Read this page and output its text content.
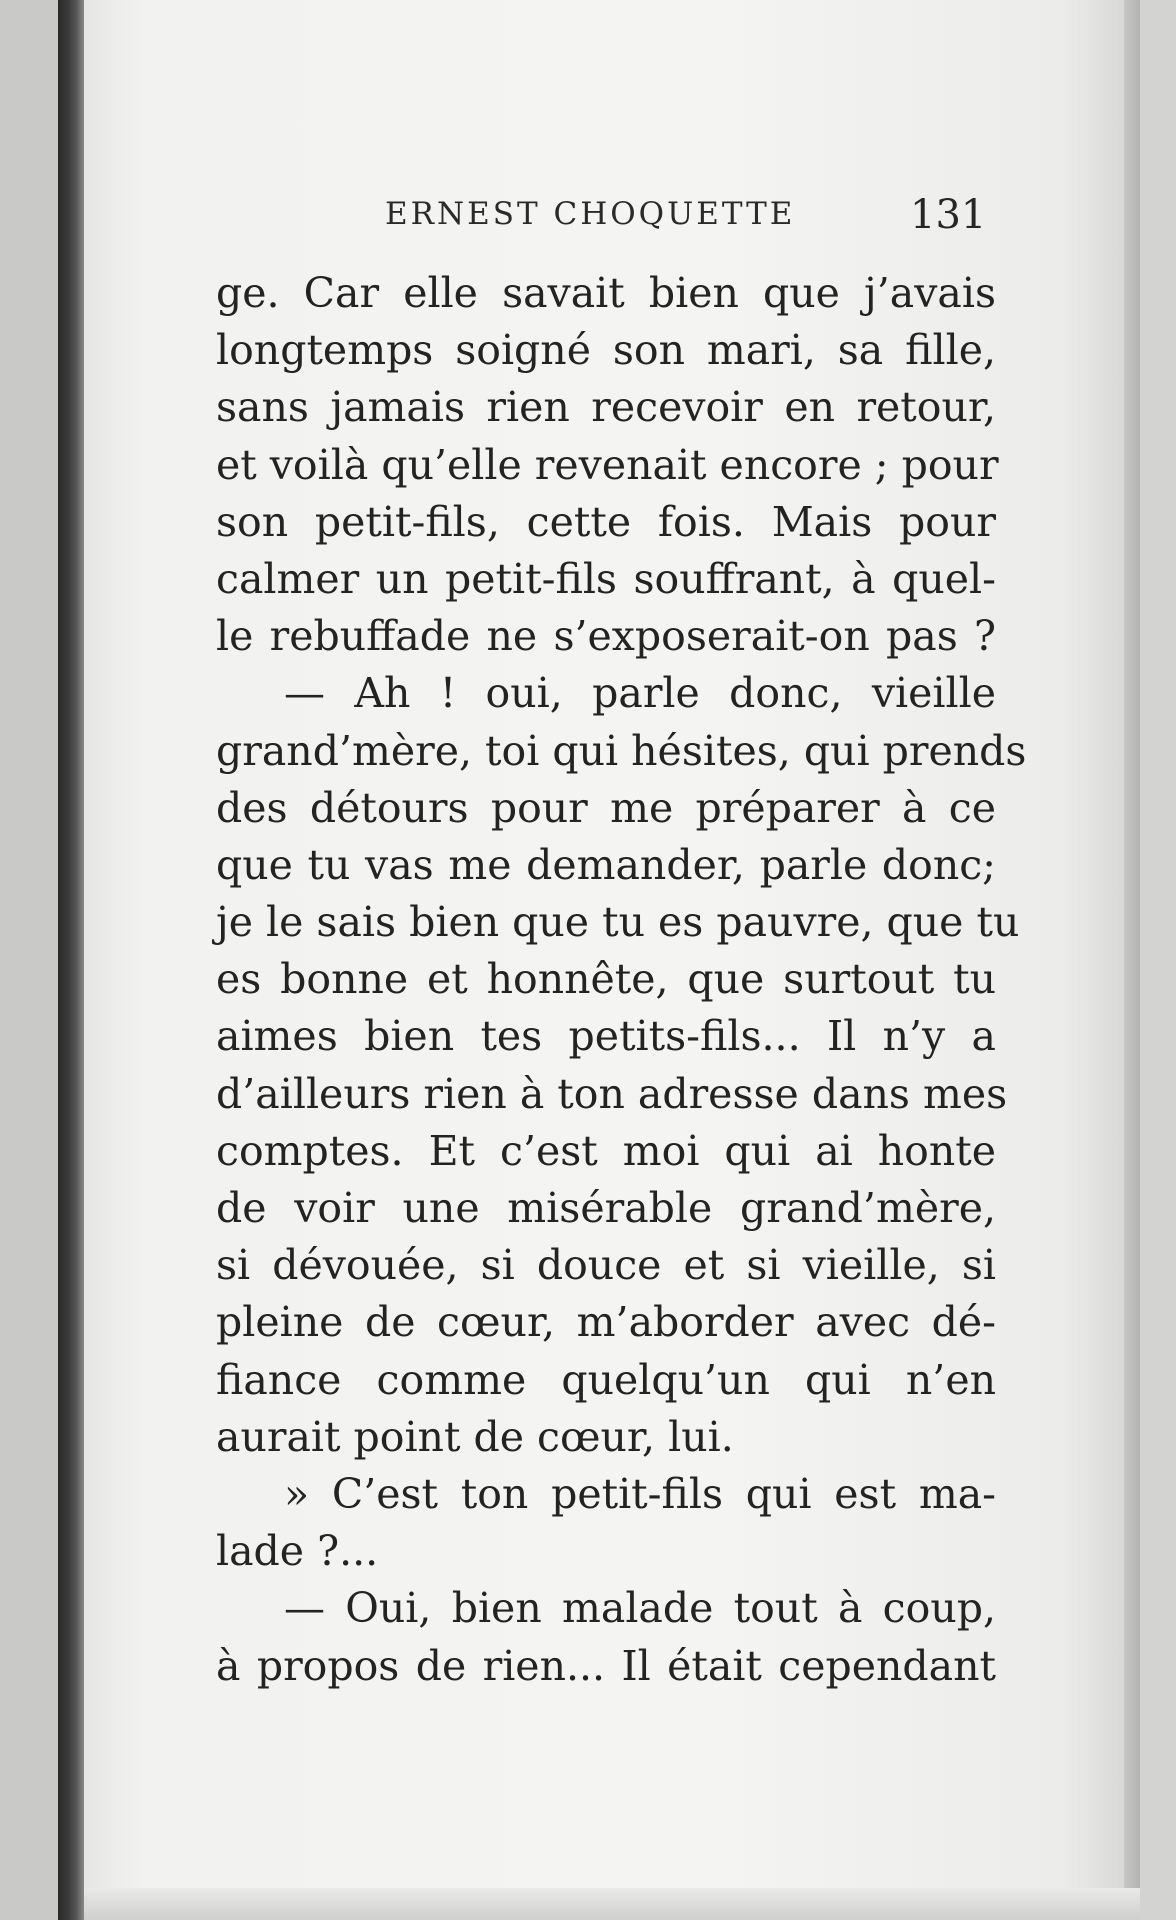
ERNEST CHOQUETTE	131
ge. Car elle savait bien que j’avais
longtemps soigné son mari, sa fille,
sans jamais rien recevoir en retour,
et voilà qu’elle revenait encore ; pour
son petit-fils, cette fois. Mais pour
calmer un petit-fils souffrant, à quel-
le rebuffade ne s’exposerait-on pas ?
— Ah ! oui, parle donc, vieille
grand’mère, toi qui hésites, qui prends
des détours pour me préparer à ce
que tu vas me demander, parle donc;
je le sais bien que tu es pauvre, que tu
es bonne et honnête, que surtout tu
aimes bien tes petits-fils... Il n’y a
d’ailleurs rien à ton adresse dans mes
comptes. Et c’est moi qui ai honte
de voir une misérable grand’mère,
si dévouée, si douce et si vieille, si
pleine de cœur, m’aborder avec dé-
fiance comme quelqu’un qui n’en
aurait point de cœur, lui.
» C’est ton petit-fils qui est ma-
lade ?...
— Oui, bien malade tout à coup,
à propos de rien... Il était cependant
